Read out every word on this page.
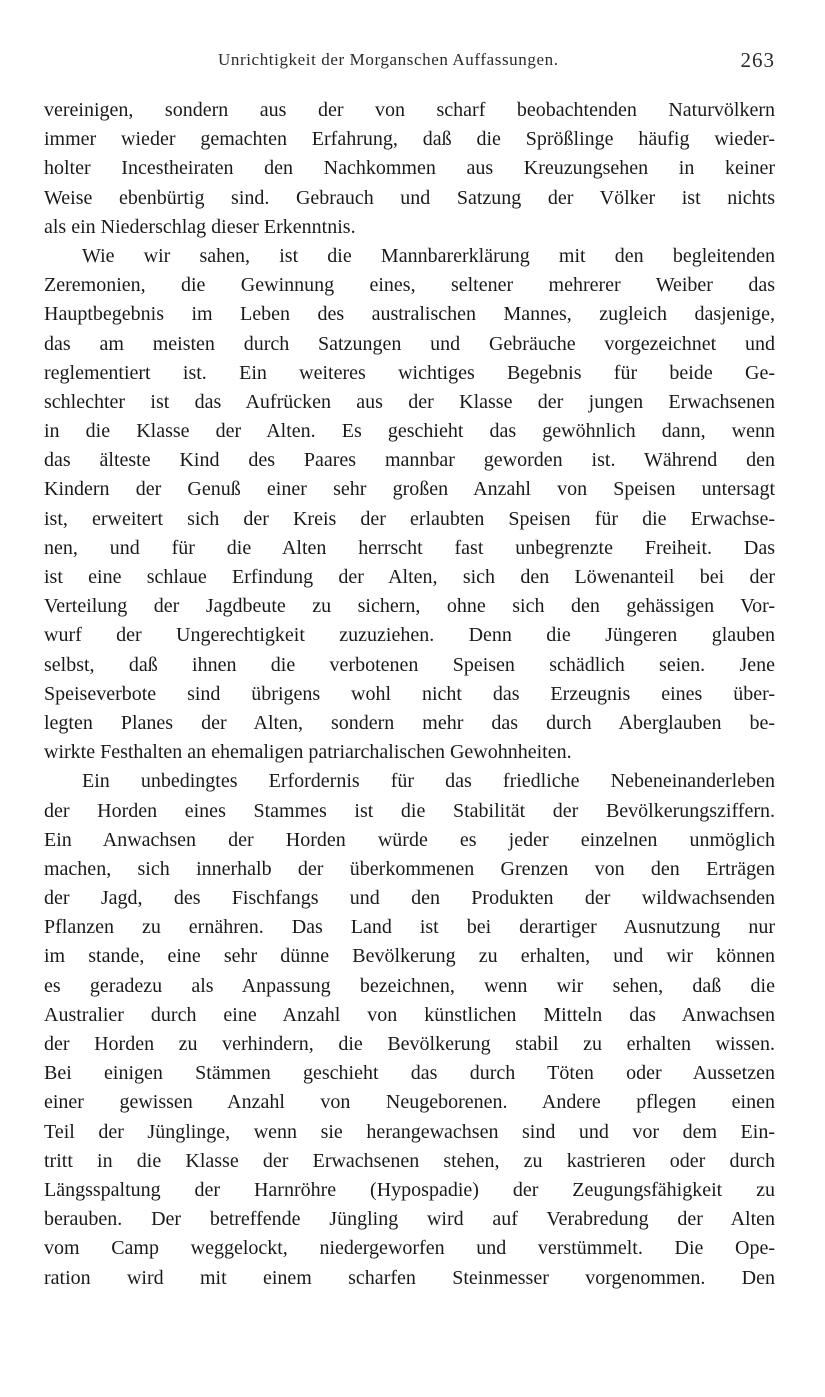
Unrichtigkeit der Morganschen Auffassungen.	263
vereinigen, sondern aus der von scharf beobachtenden Naturvölkern
immer wieder gemachten Erfahrung, daß die Sprößlinge häufig wieder-
holter Incestheiraten den Nachkommen aus Kreuzungsehen in keiner
Weise ebenbürtig sind. Gebrauch und Satzung der Völker ist nichts
als ein Niederschlag dieser Erkenntnis.
Wie wir sahen, ist die Mannbarerklärung mit den begleitenden
Zeremonien, die Gewinnung eines, seltener mehrerer Weiber das
Hauptbegebnis im Leben des australischen Mannes, zugleich dasjenige,
das am meisten durch Satzungen und Gebräuche vorgezeichnet und
reglementiert ist. Ein weiteres wichtiges Begebnis für beide Ge-
schlechter ist das Aufrücken aus der Klasse der jungen Erwachsenen
in die Klasse der Alten. Es geschieht das gewöhnlich dann, wenn
das älteste Kind des Paares mannbar geworden ist. Während den
Kindern der Genuß einer sehr großen Anzahl von Speisen untersagt
ist, erweitert sich der Kreis der erlaubten Speisen für die Erwachse-
nen, und für die Alten herrscht fast unbegrenzte Freiheit. Das
ist eine schlaue Erfindung der Alten, sich den Löwenanteil bei der
Verteilung der Jagdbeute zu sichern, ohne sich den gehässigen Vor-
wurf der Ungerechtigkeit zuzuziehen. Denn die Jüngeren glauben
selbst, daß ihnen die verbotenen Speisen schädlich seien. Jene
Speiseverbote sind übrigens wohl nicht das Erzeugnis eines über-
legten Planes der Alten, sondern mehr das durch Aberglauben be-
wirkte Festhalten an ehemaligen patriarchalischen Gewohnheiten.
Ein unbedingtes Erfordernis für das friedliche Nebeneinanderleben
der Horden eines Stammes ist die Stabilität der Bevölkerungsziffern.
Ein Anwachsen der Horden würde es jeder einzelnen unmöglich
machen, sich innerhalb der überkommenen Grenzen von den Erträgen
der Jagd, des Fischfangs und den Produkten der wildwachsenden
Pflanzen zu ernähren. Das Land ist bei derartiger Ausnutzung nur
im stande, eine sehr dünne Bevölkerung zu erhalten, und wir können
es geradezu als Anpassung bezeichnen, wenn wir sehen, daß die
Australier durch eine Anzahl von künstlichen Mitteln das Anwachsen
der Horden zu verhindern, die Bevölkerung stabil zu erhalten wissen.
Bei einigen Stämmen geschieht das durch Töten oder Aussetzen
einer gewissen Anzahl von Neugeborenen. Andere pflegen einen
Teil der Jünglinge, wenn sie herangewachsen sind und vor dem Ein-
tritt in die Klasse der Erwachsenen stehen, zu kastrieren oder durch
Längsspaltung der Harnröhre (Hypospadie) der Zeugungsfähigkeit zu
berauben. Der betreffende Jüngling wird auf Verabredung der Alten
vom Camp weggelockt, niedergeworfen und verstümmelt. Die Ope-
ration wird mit einem scharfen Steinmesser vorgenommen. Den
